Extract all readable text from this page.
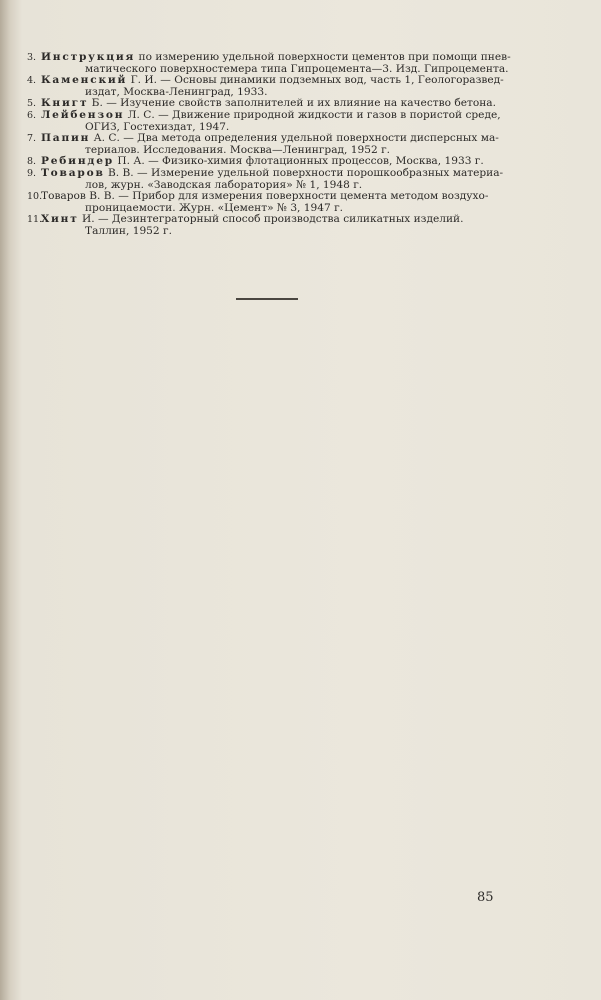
3. Инструкция по измерению удельной поверхности цементов при помощи пнев-
матического поверхностемера типа Гипроцемента—3. Изд. Гипроцемента.
4. Каменский Г. И. — Основы динамики подземных вод, часть 1, Геологоразвед-
издат, Москва-Ленинград, 1933.
5. Книгт Б. — Изучение свойств заполнителей и их влияние на качество бетона.
6. Лейбензон Л. С. — Движение природной жидкости и газов в пористой среде,
ОГИЗ, Гостехиздат, 1947.
7. Папин А. С. — Два метода определения удельной поверхности дисперсных ма-
териалов. Исследования. Москва—Ленинград, 1952 г.
8. Ребиндер П. А. — Физико-химия флотационных процессов, Москва, 1933 г.
9. Товаров В. В. — Измерение удельной поверхности порошкообразных материа-
лов, журн. «Заводская лаборатория» № 1, 1948 г.
10.
Товаров В. В. — Прибор для измерения поверхности цемента методом воздухо-
проницаемости. Журн. «Цемент» № 3, 1947 г.
11.
Хинт И. — Дезинтеграторный способ производства силикатных изделий.
Таллин, 1952 г.
85
